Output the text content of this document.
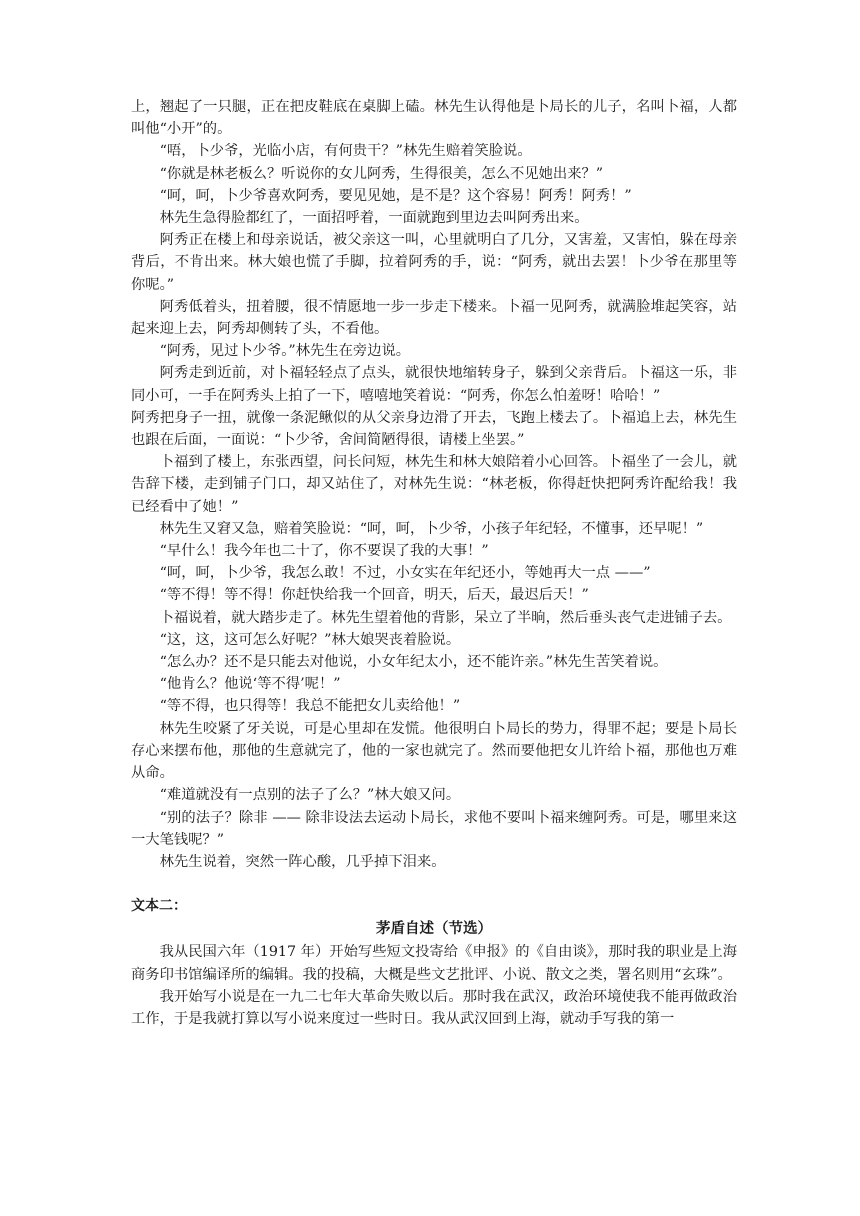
上，翘起了一只腿，正在把皮鞋底在桌脚上磕。林先生认得他是卜局长的儿子，名叫卜福，人都叫他“小开”的。

“唔，卜少爷，光临小店，有何贵干？”林先生赔着笑脸说。

“你就是林老板么？听说你的女儿阿秀，生得很美，怎么不见她出来？”

“呵，呵，卜少爷喜欢阿秀，要见见她，是不是？这个容易！阿秀！阿秀！”

林先生急得脸都红了，一面招呼着，一面就跑到里边去叫阿秀出来。

阿秀正在楼上和母亲说话，被父亲这一叫，心里就明白了几分，又害羞，又害怕，躲在母亲背后，不肯出来。林大娘也慌了手脚，拉着阿秀的手，说：“阿秀，就出去罢！卜少爷在那里等你呢。”

阿秀低着头，扭着腰，很不情愿地一步一步走下楼来。卜福一见阿秀，就满脸堆起笑容，站起来迎上去，阿秀却侧转了头，不看他。

“阿秀，见过卜少爷。”林先生在旁边说。

阿秀走到近前，对卜福轻轻点了点头，就很快地缩转身子，躲到父亲背后。卜福这一乐，非同小可，一手在阿秀头上拍了一下，嘻嘻地笑着说：“阿秀，你怎么怕羞呀！哈哈！”

阿秀把身子一扭，就像一条泥鳅似的从父亲身边滑了开去，飞跑上楼去了。卜福追上去，林先生也跟在后面，一面说：“卜少爷，舍间简陋得很，请楼上坐罢。”

卜福到了楼上，东张西望，问长问短，林先生和林大娘陪着小心回答。卜福坐了一会儿，就告辞下楼，走到铺子门口，却又站住了，对林先生说：“林老板，你得赶快把阿秀许配给我！我已经看中了她！”

林先生又窘又急，赔着笑脸说：“呵，呵，卜少爷，小孩子年纪轻，不懂事，还早呢！”

“早什么！我今年也二十了，你不要误了我的大事！”

“呵，呵，卜少爷，我怎么敢！不过，小女实在年纪还小，等她再大一点 ——”

“等不得！等不得！你赶快给我一个回音，明天，后天，最迟后天！”

卜福说着，就大踏步走了。林先生望着他的背影，呆立了半晌，然后垂头丧气走进铺子去。

“这，这，这可怎么好呢？”林大娘哭丧着脸说。

“怎么办？还不是只能去对他说，小女年纪太小，还不能许亲。”林先生苦笑着说。

“他肯么？他说‘等不得’呢！”

“等不得，也只得等！我总不能把女儿卖给他！”

林先生咬紧了牙关说，可是心里却在发慌。他很明白卜局长的势力，得罪不起；要是卜局长存心来摆布他，那他的生意就完了，他的一家也就完了。然而要他把女儿许给卜福，那他也万难从命。

“难道就没有一点别的法子了么？”林大娘又问。

“别的法子？除非 —— 除非设法去运动卜局长，求他不要叫卜福来缠阿秀。可是，哪里来这一大笔钱呢？”

林先生说着，突然一阵心酸，几乎掉下泪来。

文本二：

茅盾自述（节选）

我从民国六年（1917 年）开始写些短文投寄给《申报》的《自由谈》，那时我的职业是上海商务印书馆编译所的编辑。我的投稿，大概是些文艺批评、小说、散文之类，署名则用“玄珠”。

我开始写小说是在一九二七年大革命失败以后。那时我在武汉，政治环境使我不能再做政治工作，于是我就打算以写小说来度过一些时日。我从武汉回到上海，就动手写我的第一
